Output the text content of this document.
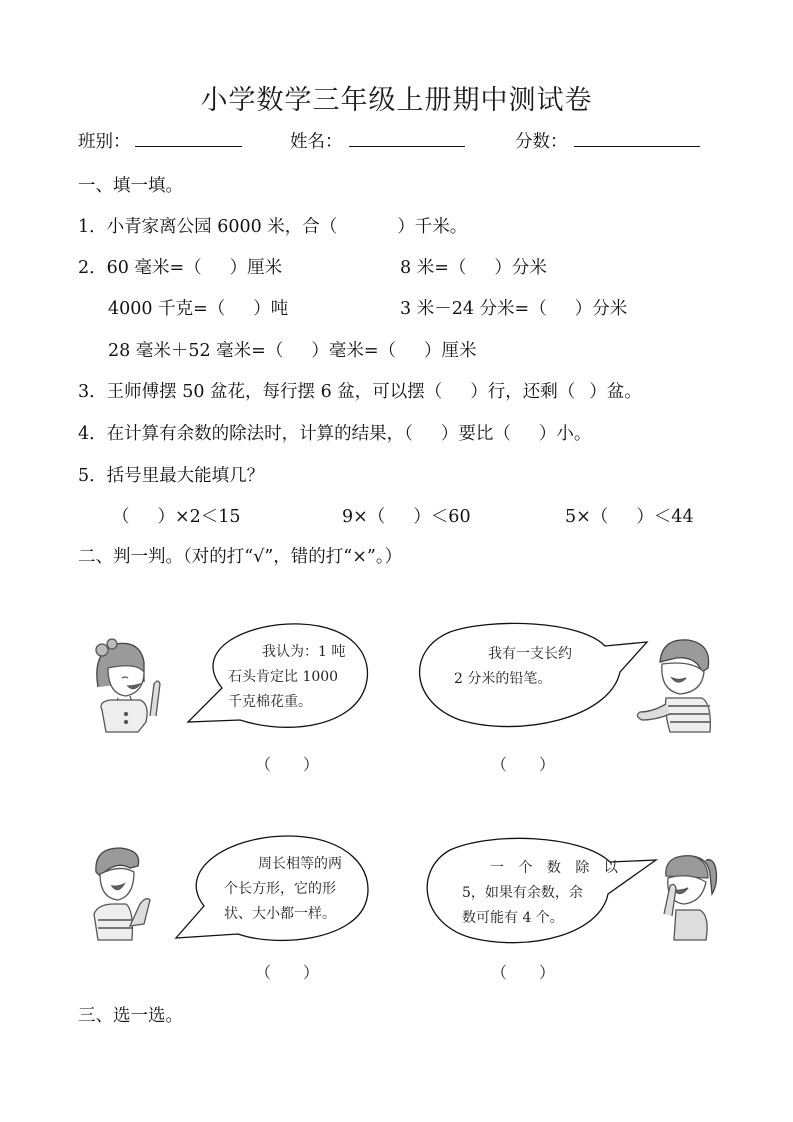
小学数学三年级上册期中测试卷
班别：	姓名：	分数：
一、填一填。
1．小青家离公园 6000 米，合（	）千米。
2．60 毫米=（ ）厘米	8 米=（ ）分米
4000 千克=（ ）吨	3 米－24 分米=（ ）分米
28 毫米＋52 毫米=（ ）毫米=（ ）厘米
3．王师傅摆 50 盆花，每行摆 6 盆，可以摆（ ）行，还剩（ ）盆。
4．在计算有余数的除法时，计算的结果，（ ）要比（ ）小。
5．括号里最大能填几？
（ ）×2＜15	9×（ ）＜60	5×（ ）＜44
二、判一判。（对的打“√”，错的打“×”。）
我认为：1 吨
石头肯定比 1000
千克棉花重。
（　　）
我有一支长约
2 分米的铅笔。
（　　）
周长相等的两
个长方形，它的形
状、大小都一样。
（　　）
一 个 数 除 以
5，如果有余数，余
数可能有 4 个。
（　　）
三、选一选。
